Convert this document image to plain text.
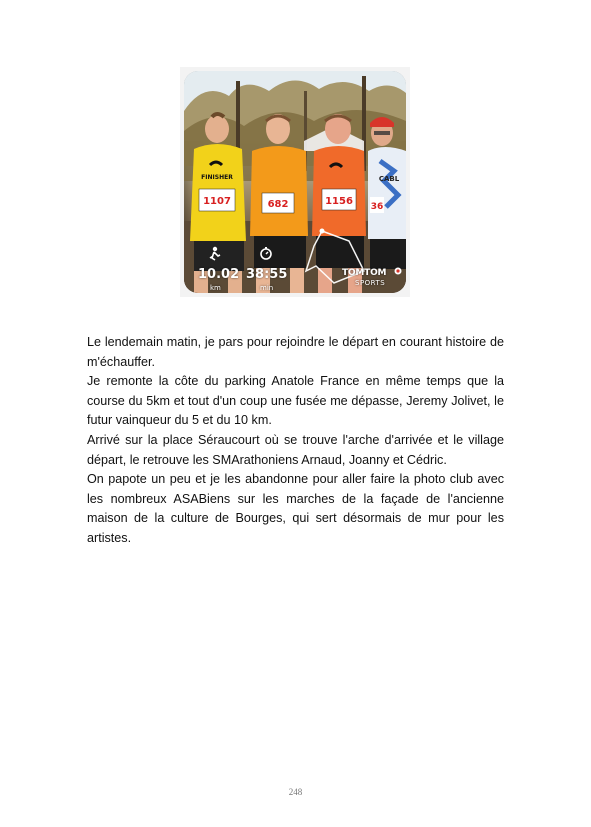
1107
FINISHER
682	1156
CABL
36
10.02
km
38:55
min
TOMTOM
SPORTS

Le lendemain matin, je pars pour rejoindre le départ en courant histoire de m'échauffer.

Je remonte la côte du parking Anatole France en même temps que la course du 5km et tout d'un coup une fusée me dépasse, Jeremy Jolivet, le futur vainqueur du 5 et du 10 km.

Arrivé sur la place Séraucourt où se trouve l'arche d'arrivée et le village départ, le retrouve les SMArathoniens Arnaud, Joanny et Cédric.

On papote un peu et je les abandonne pour aller faire la photo club avec les nombreux ASABiens sur les marches de la façade de l'ancienne maison de la culture de Bourges, qui sert désormais de mur pour les artistes.

248
